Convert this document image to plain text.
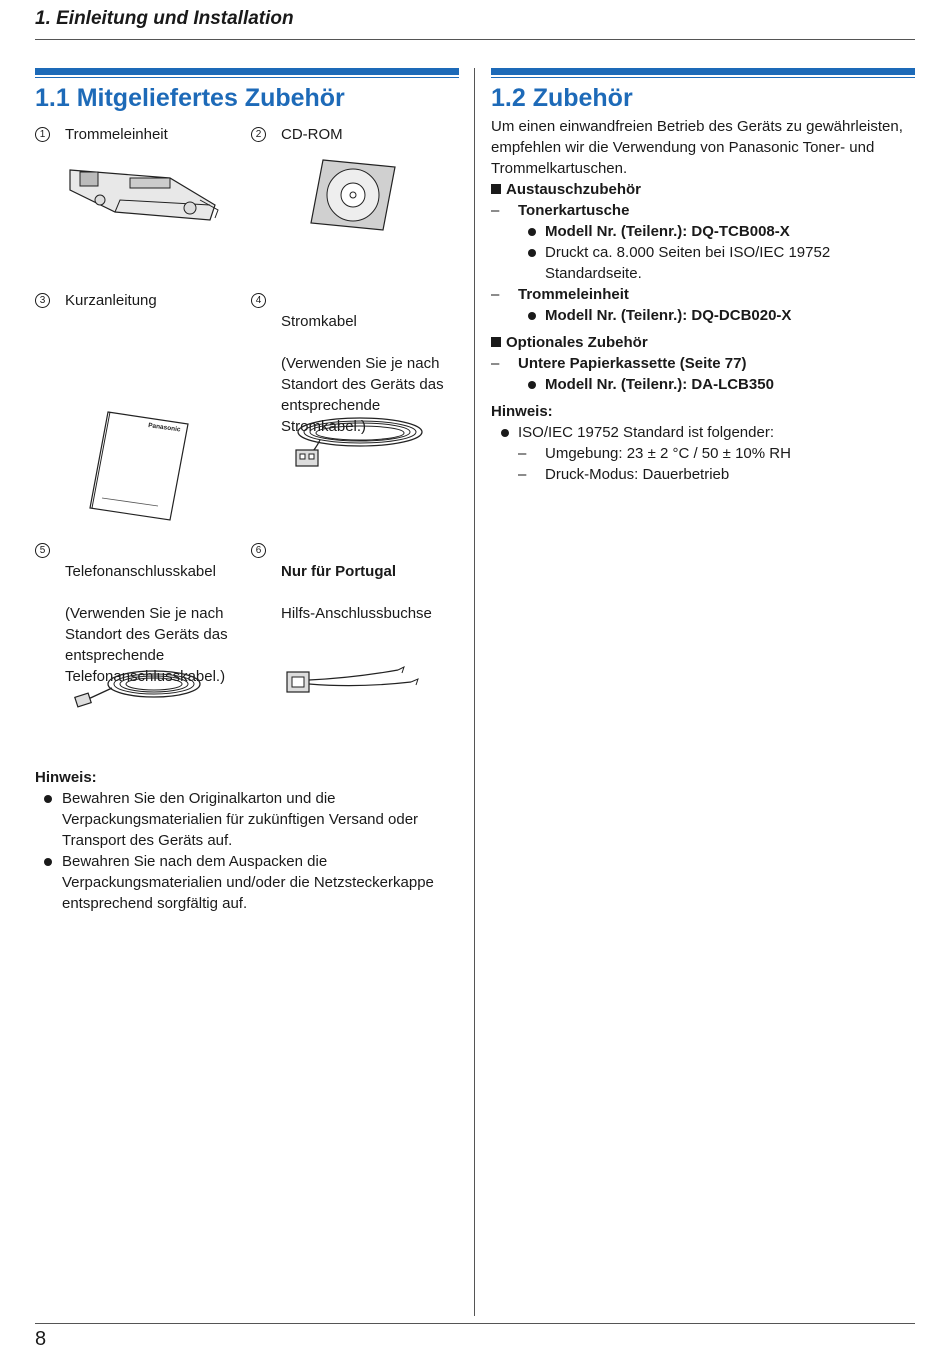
1. Einleitung und Installation
1.1 Mitgeliefertes Zubehör
1	Trommeleinheit	2	CD-ROM
3	Kurzanleitung
Panasonic
4

Stromkabel

(Verwenden Sie je nach
Standort des Geräts das
entsprechende
Stromkabel.)

5

Telefonanschlusskabel

(Verwenden Sie je nach
Standort des Geräts das
entsprechende
Telefonanschlusskabel.)

6

Nur für Portugal

Hilfs-Anschlussbuchse

Hinweis:
Bewahren Sie den Originalkarton und die
Verpackungsmaterialien für zukünftigen Versand oder
Transport des Geräts auf.
Bewahren Sie nach dem Auspacken die
Verpackungsmaterialien und/oder die Netzsteckerkappe
entsprechend sorgfältig auf.
1.2 Zubehör
Um einen einwandfreien Betrieb des Geräts zu gewährleisten,
empfehlen wir die Verwendung von Panasonic Toner- und
Trommelkartuschen.
Austauschzubehör
– Tonerkartusche
Modell Nr. (Teilenr.): DQ-TCB008-X
Druckt ca. 8.000 Seiten bei ISO/IEC 19752
Standardseite.
– Trommeleinheit
Modell Nr. (Teilenr.): DQ-DCB020-X
Optionales Zubehör
– Untere Papierkassette (Seite 77)
Modell Nr. (Teilenr.): DA-LCB350
Hinweis:
ISO/IEC 19752 Standard ist folgender:
– Umgebung: 23 ± 2 °C / 50 ± 10% RH
– Druck-Modus: Dauerbetrieb
8
